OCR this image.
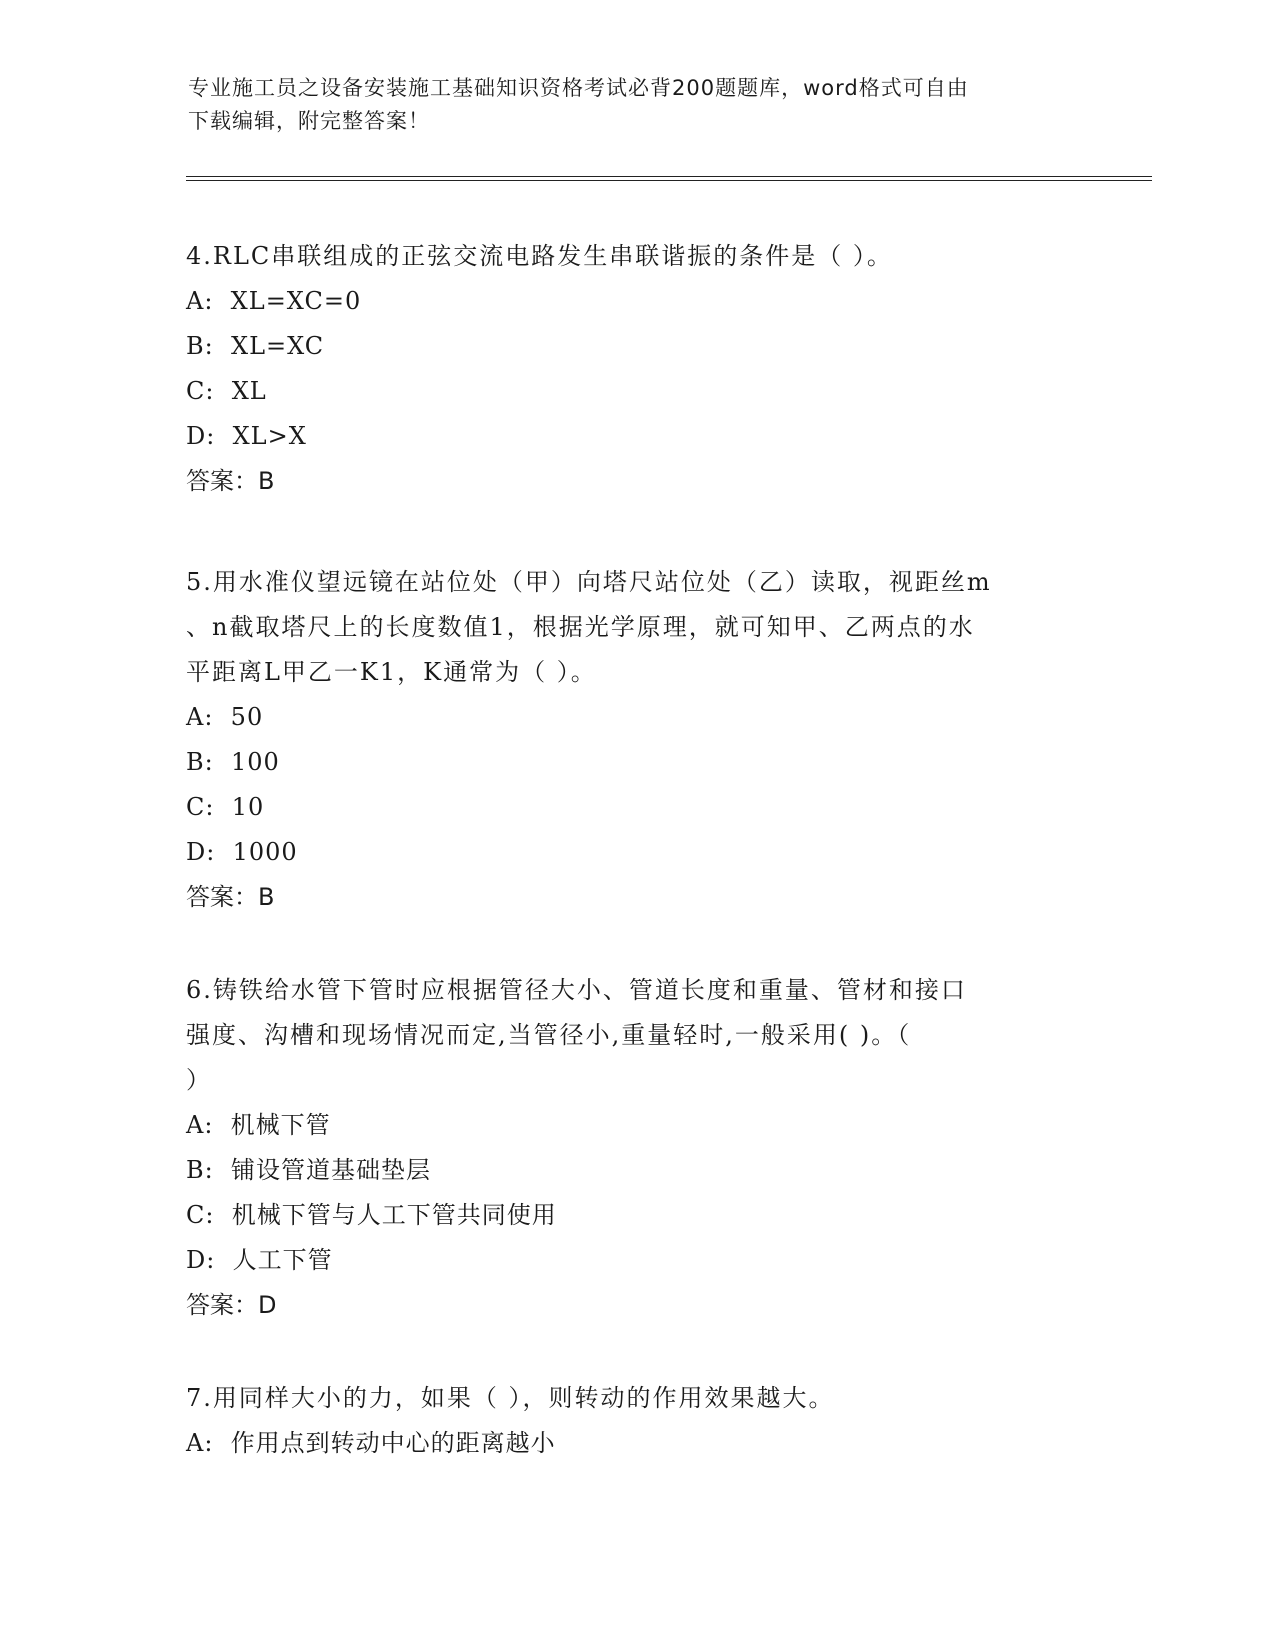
专业施工员之设备安装施工基础知识资格考试必背200题题库，word格式可自由
下载编辑，附完整答案！

4.RLC串联组成的正弦交流电路发生串联谐振的条件是（ ）。

A:  XL=XC=0

B:  XL=XC

C:  XL

D:  XL>X

答案：B

5.用水准仪望远镜在站位处（甲）向塔尺站位处（乙）读取，视距丝m

、n截取塔尺上的长度数值1，根据光学原理，就可知甲、乙两点的水

平距离L甲乙一K1，K通常为（ ）。

A:  50

B:  100

C:  10

D:  1000

答案：B

6.铸铁给水管下管时应根据管径大小、管道长度和重量、管材和接口

强度、沟槽和现场情况而定,当管径小,重量轻时,一般采用( )。（

）

A:  机械下管

B:  铺设管道基础垫层

C:  机械下管与人工下管共同使用

D:  人工下管

答案：D

7.用同样大小的力，如果（ ），则转动的作用效果越大。

A:  作用点到转动中心的距离越小
